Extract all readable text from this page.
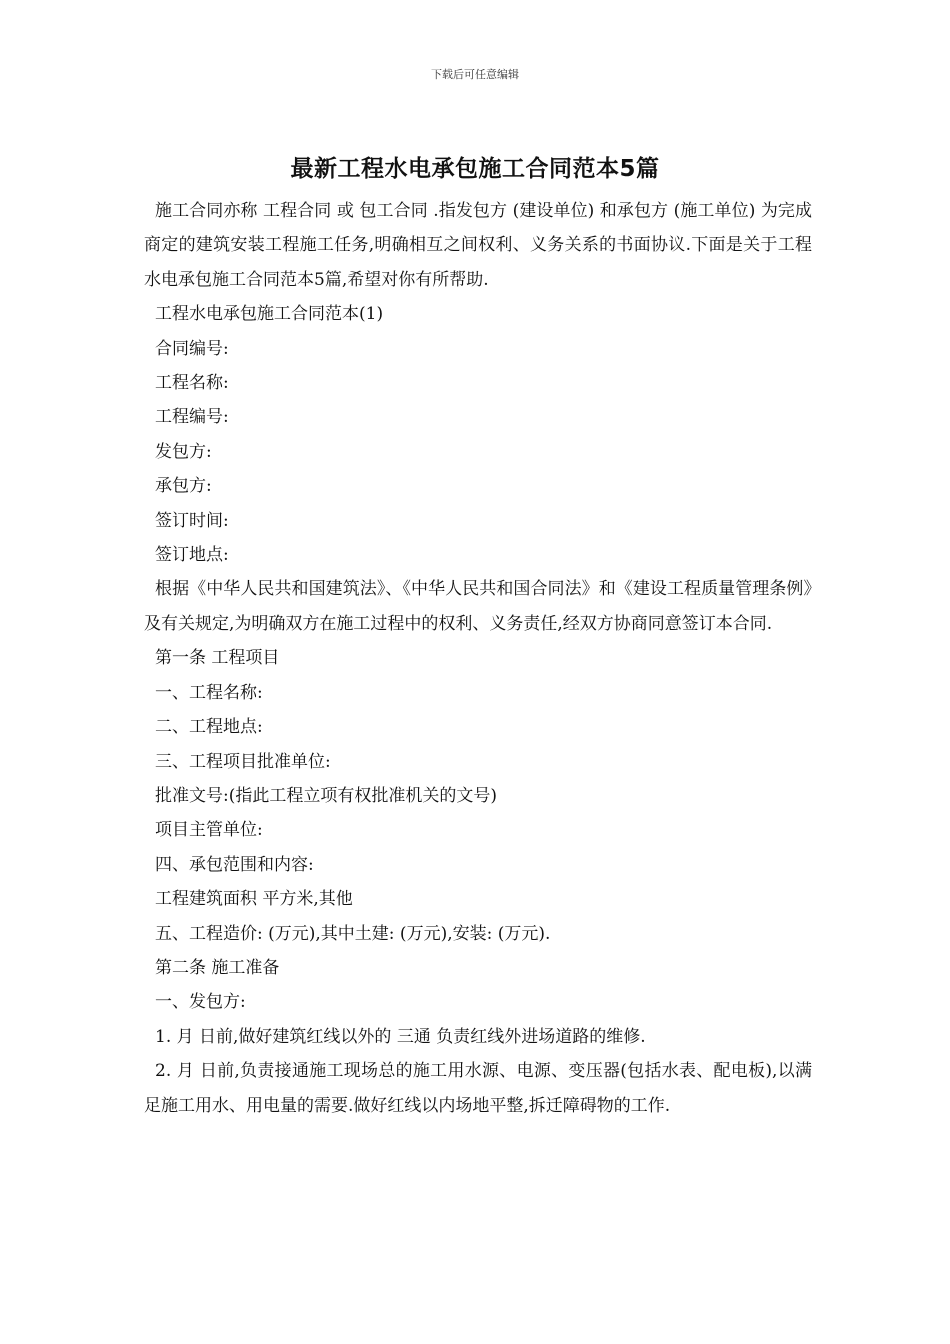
下载后可任意编辑
最新工程水电承包施工合同范本5篇

施工合同亦称 工程合同 或 包工合同 .指发包方 (建设单位) 和承包方 (施工单位) 为完成商定的建筑安装工程施工任务,明确相互之间权利、义务关系的书面协议.下面是关于工程水电承包施工合同范本5篇,希望对你有所帮助.

工程水电承包施工合同范本(1)

合同编号:

工程名称:

工程编号:

发包方:

承包方:

签订时间:

签订地点:

根据《中华人民共和国建筑法》、《中华人民共和国合同法》和《建设工程质量管理条例》及有关规定,为明确双方在施工过程中的权利、义务责任,经双方协商同意签订本合同.

第一条 工程项目

一、工程名称:

二、工程地点:

三、工程项目批准单位:

批准文号:(指此工程立项有权批准机关的文号)

项目主管单位:

四、承包范围和内容:

工程建筑面积 平方米,其他

五、工程造价: (万元),其中土建: (万元),安装: (万元).

第二条 施工准备

一、发包方:

1. 月 日前,做好建筑红线以外的 三通 负责红线外进场道路的维修.

2. 月 日前,负责接通施工现场总的施工用水源、电源、变压器(包括水表、配电板),以满足施工用水、用电量的需要.做好红线以内场地平整,拆迁障碍物的工作.
